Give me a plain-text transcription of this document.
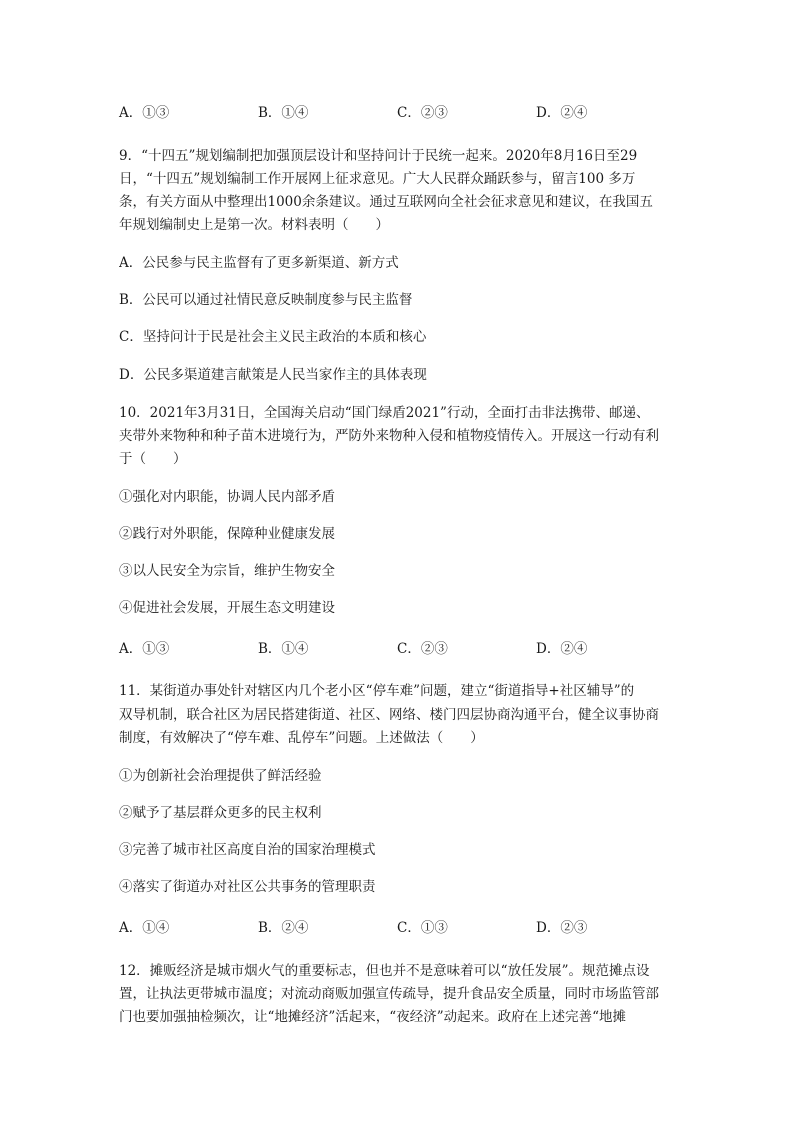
A．①③	B．①④	C．②③	D．②④
9．“十四五”规划编制把加强顶层设计和坚持问计于民统一起来。2020年8月16日至29
日，“十四五”规划编制工作开展网上征求意见。广大人民群众踊跃参与，留言100 多万
条，有关方面从中整理出1000余条建议。通过互联网向全社会征求意见和建议，在我国五
年规划编制史上是第一次。材料表明（　　）
A．公民参与民主监督有了更多新渠道、新方式
B．公民可以通过社情民意反映制度参与民主监督
C．坚持问计于民是社会主义民主政治的本质和核心
D．公民多渠道建言献策是人民当家作主的具体表现
10．2021年3月31日，全国海关启动“国门绿盾2021”行动，全面打击非法携带、邮递、
夹带外来物种和种子苗木进境行为，严防外来物种入侵和植物疫情传入。开展这一行动有利
于（　　）
①强化对内职能，协调人民内部矛盾
②践行对外职能，保障种业健康发展
③以人民安全为宗旨，维护生物安全
④促进社会发展，开展生态文明建设
A．①③	B．①④	C．②③	D．②④
11．某街道办事处针对辖区内几个老小区“停车难”问题，建立“街道指导+社区辅导”的
双导机制，联合社区为居民搭建街道、社区、网络、楼门四层协商沟通平台，健全议事协商
制度，有效解决了“停车难、乱停车”问题。上述做法（　　）
①为创新社会治理提供了鲜活经验
②赋予了基层群众更多的民主权利
③完善了城市社区高度自治的国家治理模式
④落实了街道办对社区公共事务的管理职责
A．①④	B．②④	C．①③	D．②③
12．摊贩经济是城市烟火气的重要标志，但也并不是意味着可以“放任发展”。规范摊点设
置，让执法更带城市温度；对流动商贩加强宣传疏导，提升食品安全质量，同时市场监管部
门也要加强抽检频次，让“地摊经济”活起来，“夜经济”动起来。政府在上述完善“地摊
